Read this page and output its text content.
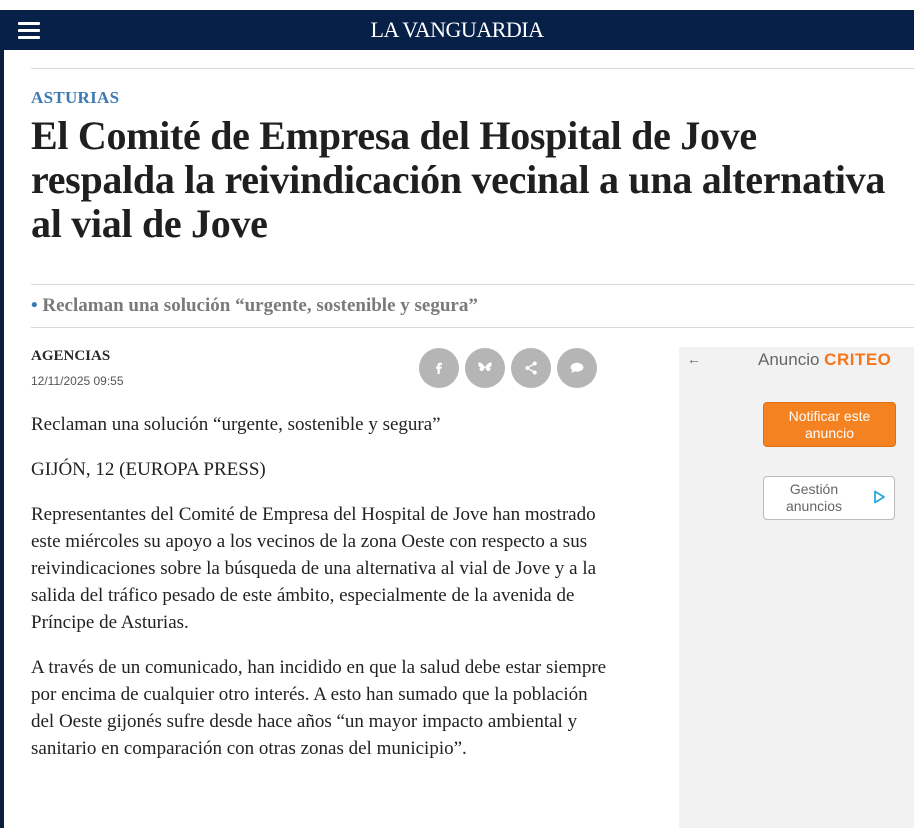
LA VANGUARDIA
ASTURIAS
El Comité de Empresa del Hospital de Jove respalda la reivindicación vecinal a una alternativa al vial de Jove
• Reclaman una solución “urgente, sostenible y segura”
AGENCIAS
12/11/2025 09:55

Reclaman una solución “urgente, sostenible y segura”

GIJÓN, 12 (EUROPA PRESS)

Representantes del Comité de Empresa del Hospital de Jove han mostrado este miércoles su apoyo a los vecinos de la zona Oeste con respecto a sus reivindicaciones sobre la búsqueda de una alternativa al vial de Jove y a la salida del tráfico pesado de este ámbito, especialmente de la avenida de Príncipe de Asturias.

A través de un comunicado, han incidido en que la salud debe estar siempre por encima de cualquier otro interés. A esto han sumado que la población del Oeste gijonés sufre desde hace años “un mayor impacto ambiental y sanitario en comparación con otras zonas del municipio”.

←	Anuncio CRITEO
Notificar este anuncio
Gestión anuncios
